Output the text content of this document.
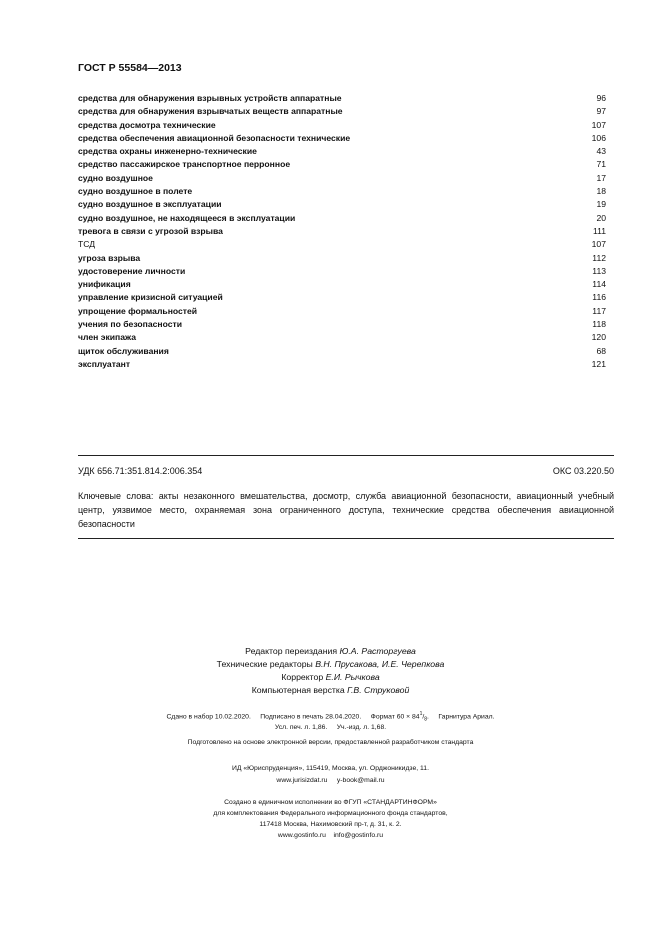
ГОСТ Р 55584—2013
средства для обнаружения взрывных устройств аппаратные	96
средства для обнаружения взрывчатых веществ аппаратные	97
средства досмотра технические	107
средства обеспечения авиационной безопасности технические	106
средства охраны инженерно-технические	43
средство пассажирское транспортное перронное	71
судно воздушное	17
судно воздушное в полете	18
судно воздушное в эксплуатации	19
судно воздушное, не находящееся в эксплуатации	20
тревога в связи с угрозой взрыва	111
ТСД	107
угроза взрыва	112
удостоверение личности	113
унификация	114
управление кризисной ситуацией	116
упрощение формальностей	117
учения по безопасности	118
член экипажа	120
щиток обслуживания	68
эксплуатант	121
УДК 656.71:351.814.2:006.354	ОКС 03.220.50
Ключевые слова: акты незаконного вмешательства, досмотр, служба авиационной безопасности, авиационный учебный центр, уязвимое место, охраняемая зона ограниченного доступа, технические средства обеспечения авиационной безопасности
Редактор переиздания Ю.А. Расторгуева
Технические редакторы В.Н. Прусакова, И.Е. Черепкова
Корректор Е.И. Рычкова
Компьютерная верстка Г.В. Струковой
Сдано в набор 10.02.2020. Подписано в печать 28.04.2020. Формат $60 \times 84^1/_8$.     Гарнитура Ариал.
Усл. печ. л. 1,86. Уч.-изд. л. 1,68.
Подготовлено на основе электронной версии, предоставленной разработчиком стандарта
ИД «Юриспруденция», 115419, Москва, ул. Орджоникидзе, 11.
www.jurisizdat.ru y-book@mail.ru
Создано в единичном исполнении во ФГУП «СТАНДАРТИНФОРМ»
для комплектования Федерального информационного фонда стандартов,
117418 Москва, Нахимовский пр-т, д. 31, к. 2.
www.gostinfo.ru info@gostinfo.ru
